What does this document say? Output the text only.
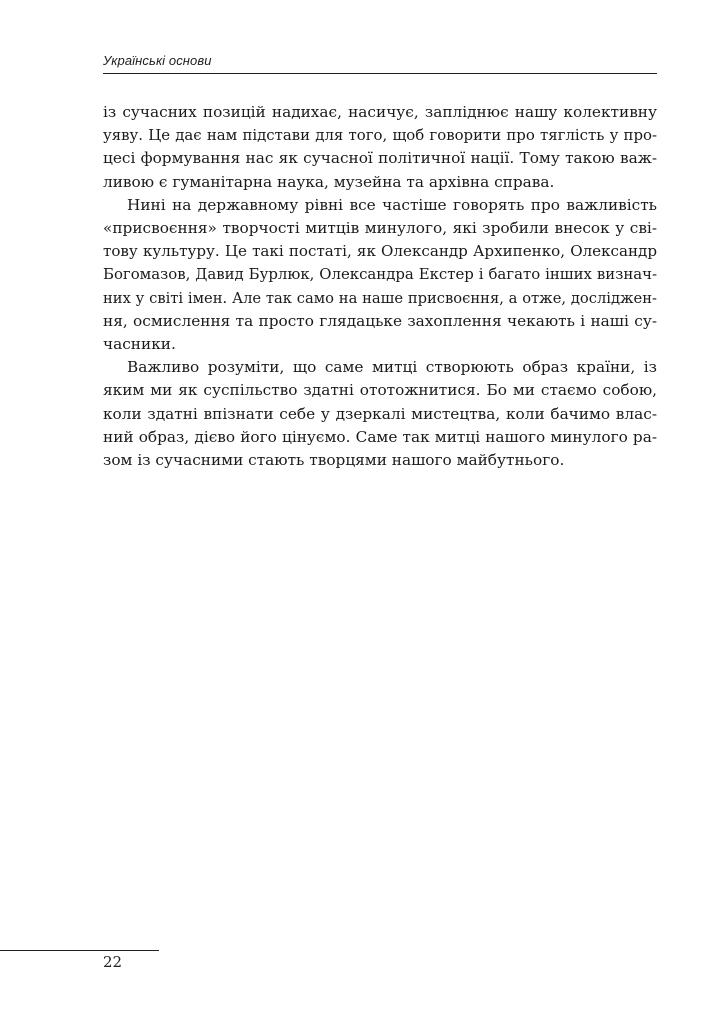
Українські основи

із сучасних позицій надихає, насичує, запліднює нашу колективну
уяву. Це дає нам підстави для того, щоб говорити про тяглість у про-
цесі формування нас як сучасної політичної нації. Тому такою важ-
ливою є гуманітарна наука, музейна та архівна справа.

Нині на державному рівні все частіше говорять про важливість
«присвоєння» творчості митців минулого, які зробили внесок у сві-
тову культуру. Це такі постаті, як Олександр Архипенко, Олександр
Богомазов, Давид Бурлюк, Олександра Екстер і багато інших визнач-
них у світі імен. Але так само на наше присвоєння, а отже, досліджен-
ня, осмислення та просто глядацьке захоплення чекають і наші су-
часники.

Важливо розуміти, що саме митці створюють образ країни, із
яким ми як суспільство здатні ототожнитися. Бо ми стаємо собою,
коли здатні впізнати себе у дзеркалі мистецтва, коли бачимо влас-
ний образ, дієво його цінуємо. Саме так митці нашого минулого ра-
зом із сучасними стають творцями нашого майбутнього.

22
